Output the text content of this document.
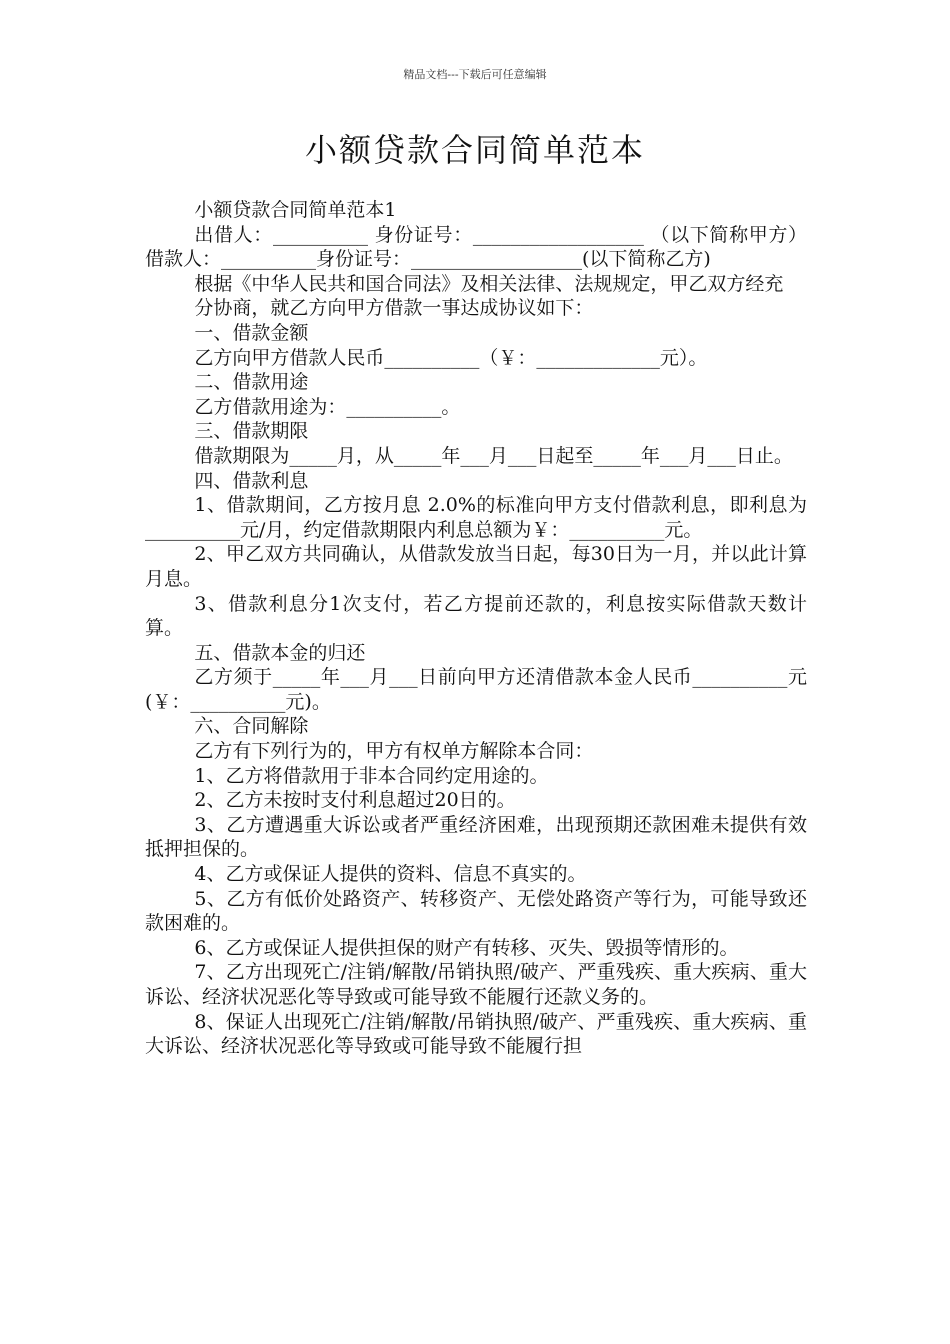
精品文档---下载后可任意编辑
小额贷款合同简单范本

小额贷款合同简单范本1

出借人：__________ 身份证号：__________________ （以下简称甲方） 借款人：__________身份证号：__________________(以下简称乙方)

根据《中华人民共和国合同法》及相关法律、法规规定，甲乙双方经充

分协商，就乙方向甲方借款一事达成协议如下：

一、借款金额

乙方向甲方借款人民币__________（￥：_____________元）。

二、借款用途

乙方借款用途为：__________。

三、借款期限

借款期限为_____月，从_____年___月___日起至_____年___月___日止。

四、借款利息

1、借款期间，乙方按月息 2.0%的标准向甲方支付借款利息，即利息为__________元/月，约定借款期限内利息总额为￥：__________元。

2、甲乙双方共同确认，从借款发放当日起，每30日为一月，并以此计算月息。

3、借款利息分1次支付，若乙方提前还款的，利息按实际借款天数计算。

五、借款本金的归还

乙方须于_____年___月___日前向甲方还清借款本金人民币__________元(￥：__________元)。

六、合同解除

乙方有下列行为的，甲方有权单方解除本合同：

1、乙方将借款用于非本合同约定用途的。

2、乙方未按时支付利息超过20日的。

3、乙方遭遇重大诉讼或者严重经济困难，出现预期还款困难未提供有效抵押担保的。

4、乙方或保证人提供的资料、信息不真实的。

5、乙方有低价处路资产、转移资产、无偿处路资产等行为，可能导致还款困难的。

6、乙方或保证人提供担保的财产有转移、灭失、毁损等情形的。

7、乙方出现死亡/注销/解散/吊销执照/破产、严重残疾、重大疾病、重大诉讼、经济状况恶化等导致或可能导致不能履行还款义务的。

8、保证人出现死亡/注销/解散/吊销执照/破产、严重残疾、重大疾病、重大诉讼、经济状况恶化等导致或可能导致不能履行担
